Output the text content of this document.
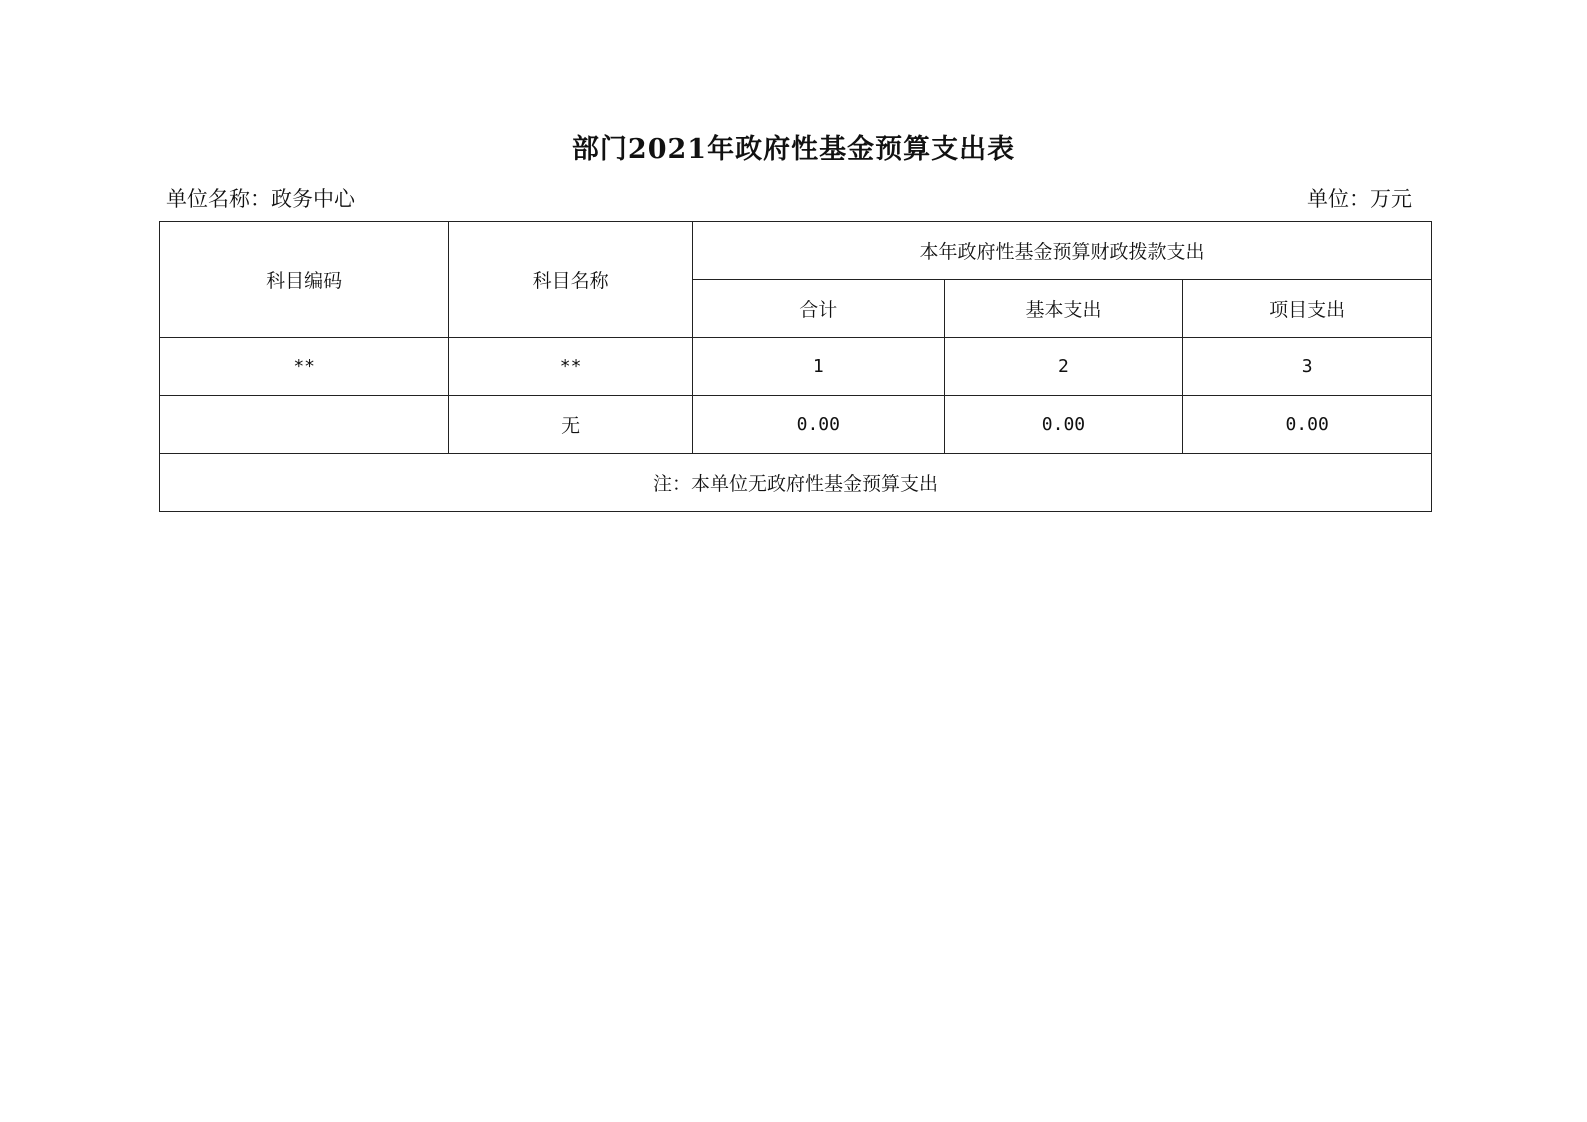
部门2021年政府性基金预算支出表
单位名称：政务中心	单位：万元
科目编码	科目名称	本年政府性基金预算财政拨款支出		
		合计	基本支出	项目支出
**	**	1	2	3
	无	0.00	0.00	0.00
注：本单位无政府性基金预算支出				
